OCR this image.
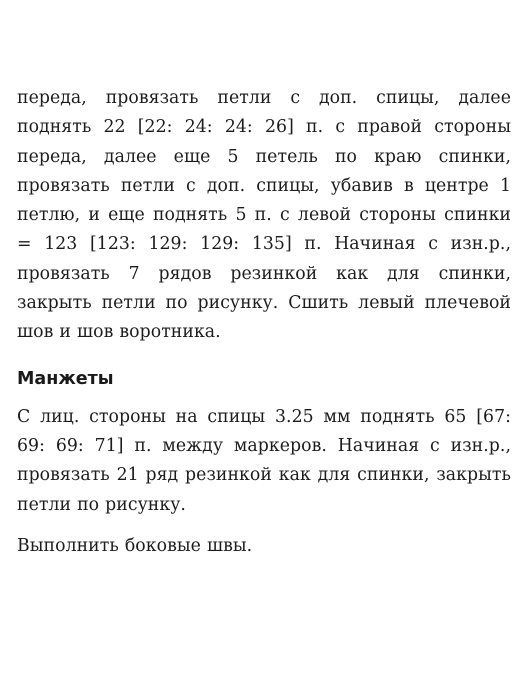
переда, провязать петли с доп. спицы, далее поднять 22 [22: 24: 24: 26] п. с правой стороны переда, далее еще 5 петель по краю спинки, провязать петли с доп. спицы, убавив в центре 1 петлю, и еще поднять 5 п. с левой стороны спинки = 123 [123: 129: 129: 135] п. Начиная с изн.р., провязать 7 рядов резинкой как для спинки, закрыть петли по рисунку. Сшить левый плечевой шов и шов воротника.

Манжеты

С лиц. стороны на спицы 3.25 мм поднять 65 [67: 69: 69: 71] п. между маркеров. Начиная с изн.р., провязать 21 ряд резинкой как для спинки, закрыть петли по рисунку.

Выполнить боковые швы.
